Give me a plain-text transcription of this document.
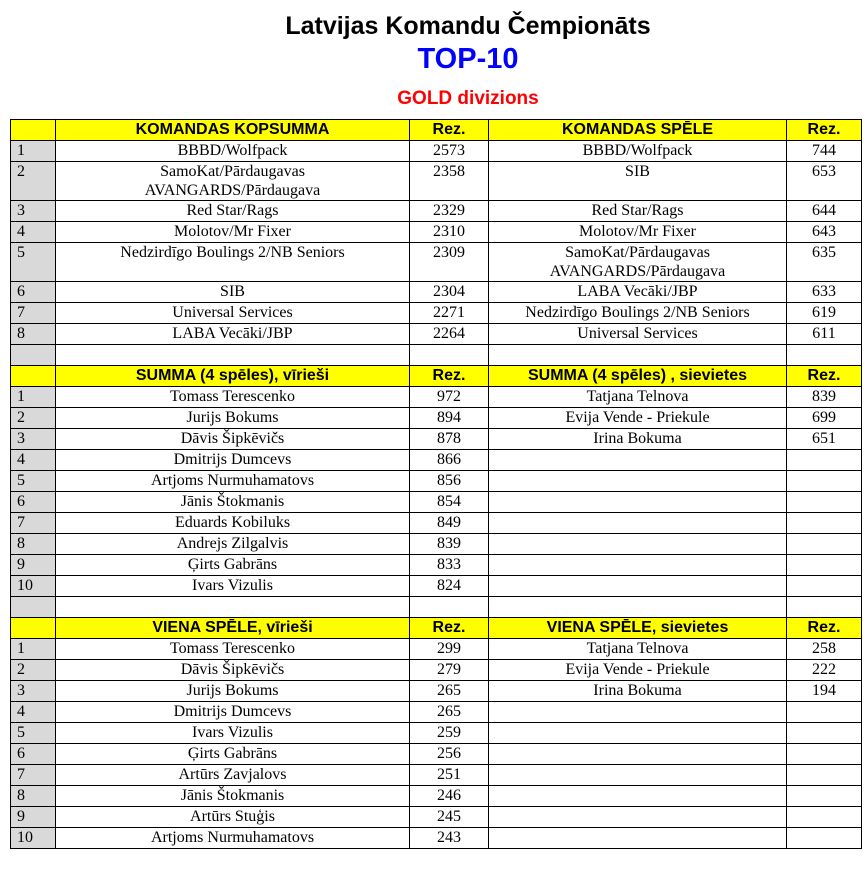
Latvijas Komandu Čempionāts
TOP-10
GOLD divizions
	KOMANDAS KOPSUMMA	Rez.	KOMANDAS SPĒLE	Rez.
1	BBBD/Wolfpack	2573	BBBD/Wolfpack	744
2	SamoKat/Pārdaugavas
AVANGARDS/Pārdaugava	2358	SIB	653
3	Red Star/Rags	2329	Red Star/Rags	644
4	Molotov/Mr Fixer	2310	Molotov/Mr Fixer	643
5	Nedzirdīgo Boulings 2/NB Seniors	2309	SamoKat/Pārdaugavas
AVANGARDS/Pārdaugava	635
6	SIB	2304	LABA Vecāki/JBP	633
7	Universal Services	2271	Nedzirdīgo Boulings 2/NB Seniors	619
8	LABA Vecāki/JBP	2264	Universal Services	611

	SUMMA (4 spēles), vīrieši	Rez.	SUMMA (4 spēles) , sievietes	Rez.
1	Tomass Terescenko	972	Tatjana Telnova	839
2	Jurijs Bokums	894	Evija Vende - Priekule	699
3	Dāvis Šipkēvičs	878	Irina Bokuma	651
4	Dmitrijs Dumcevs	866		
5	Artjoms Nurmuhamatovs	856		
6	Jānis Štokmanis	854		
7	Eduards Kobiluks	849		
8	Andrejs Zilgalvis	839		
9	Ģirts Gabrāns	833		
10	Ivars Vizulis	824		

	VIENA SPĒLE, vīrieši	Rez.	VIENA SPĒLE, sievietes	Rez.
1	Tomass Terescenko	299	Tatjana Telnova	258
2	Dāvis Šipkēvičs	279	Evija Vende - Priekule	222
3	Jurijs Bokums	265	Irina Bokuma	194
4	Dmitrijs Dumcevs	265		
5	Ivars Vizulis	259		
6	Ģirts Gabrāns	256		
7	Artūrs Zavjalovs	251		
8	Jānis Štokmanis	246		
9	Artūrs Stuģis	245		
10	Artjoms Nurmuhamatovs	243		
